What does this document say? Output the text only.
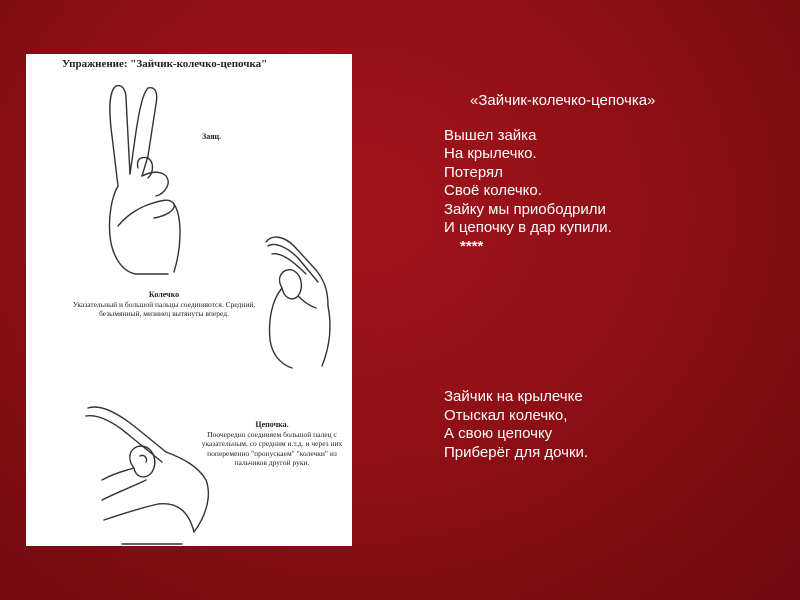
Упражнение: "Зайчик-колечко-цепочка"
Заяц.
Колечко
Указательный и большой пальцы соединяются. Средний, безымянный, мизинец вытянуты вперед.
Цепочка.
Поочередно соединяем большой палец с указательным, со средним и.т.д. и через них попеременно "пропускаем" "колечки" из пальчиков другой руки.
«Зайчик-колечко-цепочка»
Вышел зайка
На крылечко.
Потерял
Своё колечко.
Зайку мы приободрили
И цепочку в дар купили.
****
Зайчик на крылечке
Отыскал колечко,
А свою цепочку
Приберёг для дочки.
